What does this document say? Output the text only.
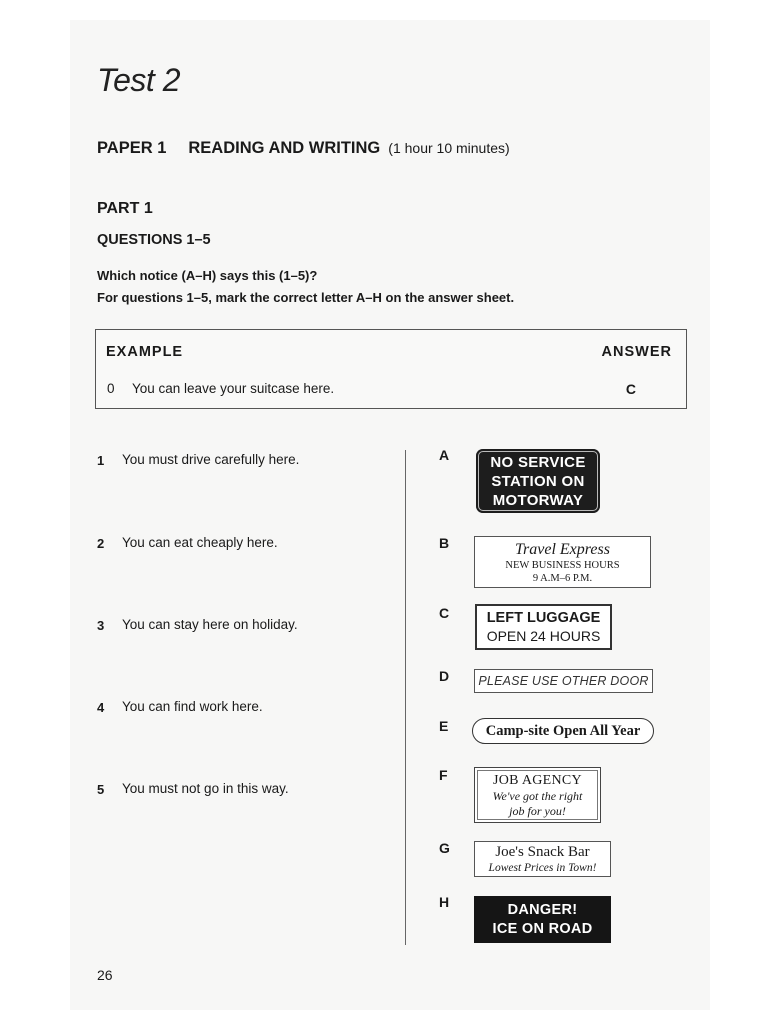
Test 2
PAPER 1 READING AND WRITING (1 hour 10 minutes)
PART 1
QUESTIONS 1–5
Which notice (A–H) says this (1–5)?
For questions 1–5, mark the correct letter A–H on the answer sheet.
EXAMPLE	ANSWER
0 You can leave your suitcase here.	C
1 You must drive carefully here.
2 You can eat cheaply here.
3 You can stay here on holiday.
4 You can find work here.
5 You must not go in this way.
A
B
C
D
E
F
G
H
NO SERVICE
STATION ON
MOTORWAY
Travel Express
NEW BUSINESS HOURS
9 A.M–6 P.M.
LEFT LUGGAGE
OPEN 24 HOURS
PLEASE USE OTHER DOOR
Camp-site Open All Year
JOB AGENCY
We've got the right
job for you!
Joe's Snack Bar
Lowest Prices in Town!
DANGER!
ICE ON ROAD
26
